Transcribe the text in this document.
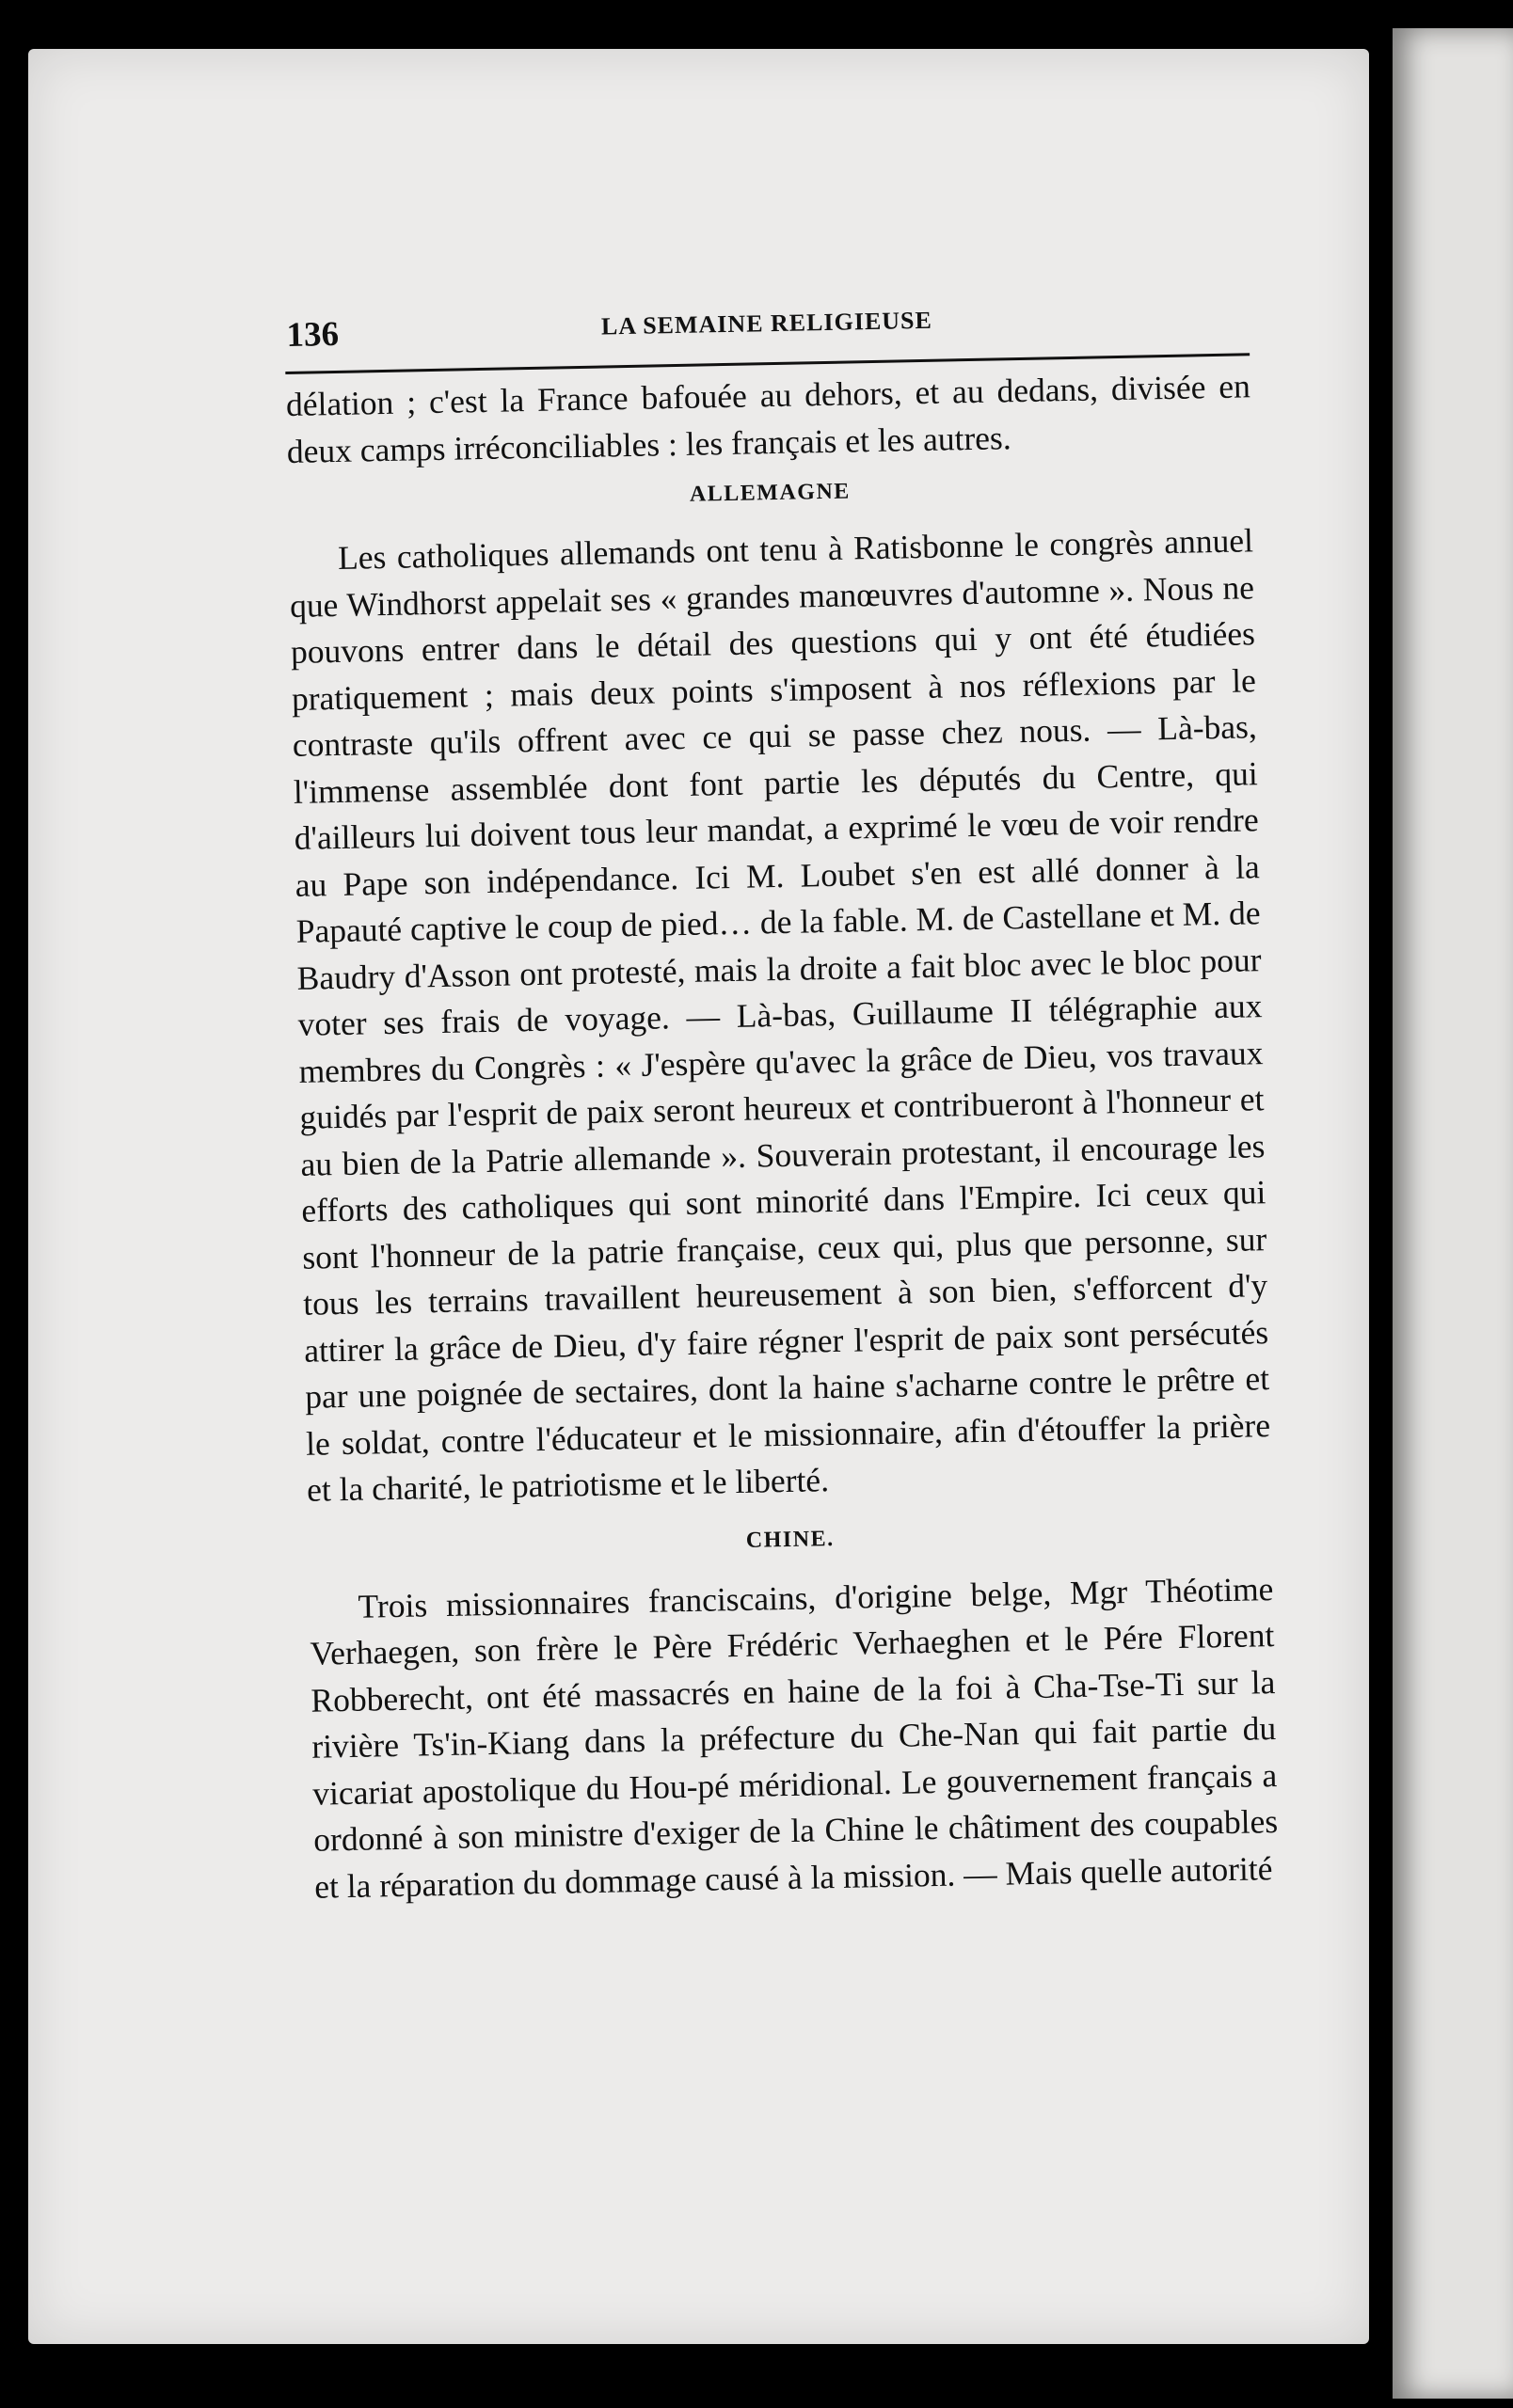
136	LA SEMAINE RELIGIEUSE

délation ; c'est la France bafouée au dehors, et au dedans, divisée en deux camps irréconciliables : les français et les autres.

ALLEMAGNE

Les catholiques allemands ont tenu à Ratisbonne le congrès annuel que Windhorst appelait ses « grandes manœuvres d'automne ». Nous ne pouvons entrer dans le détail des questions qui y ont été étudiées pratiquement ; mais deux points s'imposent à nos réflexions par le contraste qu'ils offrent avec ce qui se passe chez nous. — Là-bas, l'immense assemblée dont font partie les députés du Centre, qui d'ailleurs lui doivent tous leur mandat, a exprimé le vœu de voir rendre au Pape son indépendance. Ici M. Loubet s'en est allé donner à la Papauté captive le coup de pied… de la fable. M. de Castellane et M. de Baudry d'Asson ont protesté, mais la droite a fait bloc avec le bloc pour voter ses frais de voyage. — Là-bas, Guillaume II télégraphie aux membres du Congrès : « J'espère qu'avec la grâce de Dieu, vos travaux guidés par l'esprit de paix seront heureux et contribueront à l'honneur et au bien de la Patrie allemande ». Souverain protestant, il encourage les efforts des catholiques qui sont minorité dans l'Empire. Ici ceux qui sont l'honneur de la patrie française, ceux qui, plus que personne, sur tous les terrains travaillent heureusement à son bien, s'efforcent d'y attirer la grâce de Dieu, d'y faire régner l'esprit de paix sont persécutés par une poignée de sectaires, dont la haine s'acharne contre le prêtre et le soldat, contre l'éducateur et le missionnaire, afin d'étouffer la prière et la charité, le patriotisme et le liberté.

CHINE.

Trois missionnaires franciscains, d'origine belge, Mgr Théotime Verhaegen, son frère le Père Frédéric Verhaeghen et le Pére Florent Robberecht, ont été massacrés en haine de la foi à Cha-Tse-Ti sur la rivière Ts'in-Kiang dans la préfecture du Che-Nan qui fait partie du vicariat apostolique du Hou-pé méridional. Le gouvernement français a ordonné à son ministre d'exiger de la Chine le châtiment des coupables et la réparation du dommage causé à la mission. — Mais quelle autorité
